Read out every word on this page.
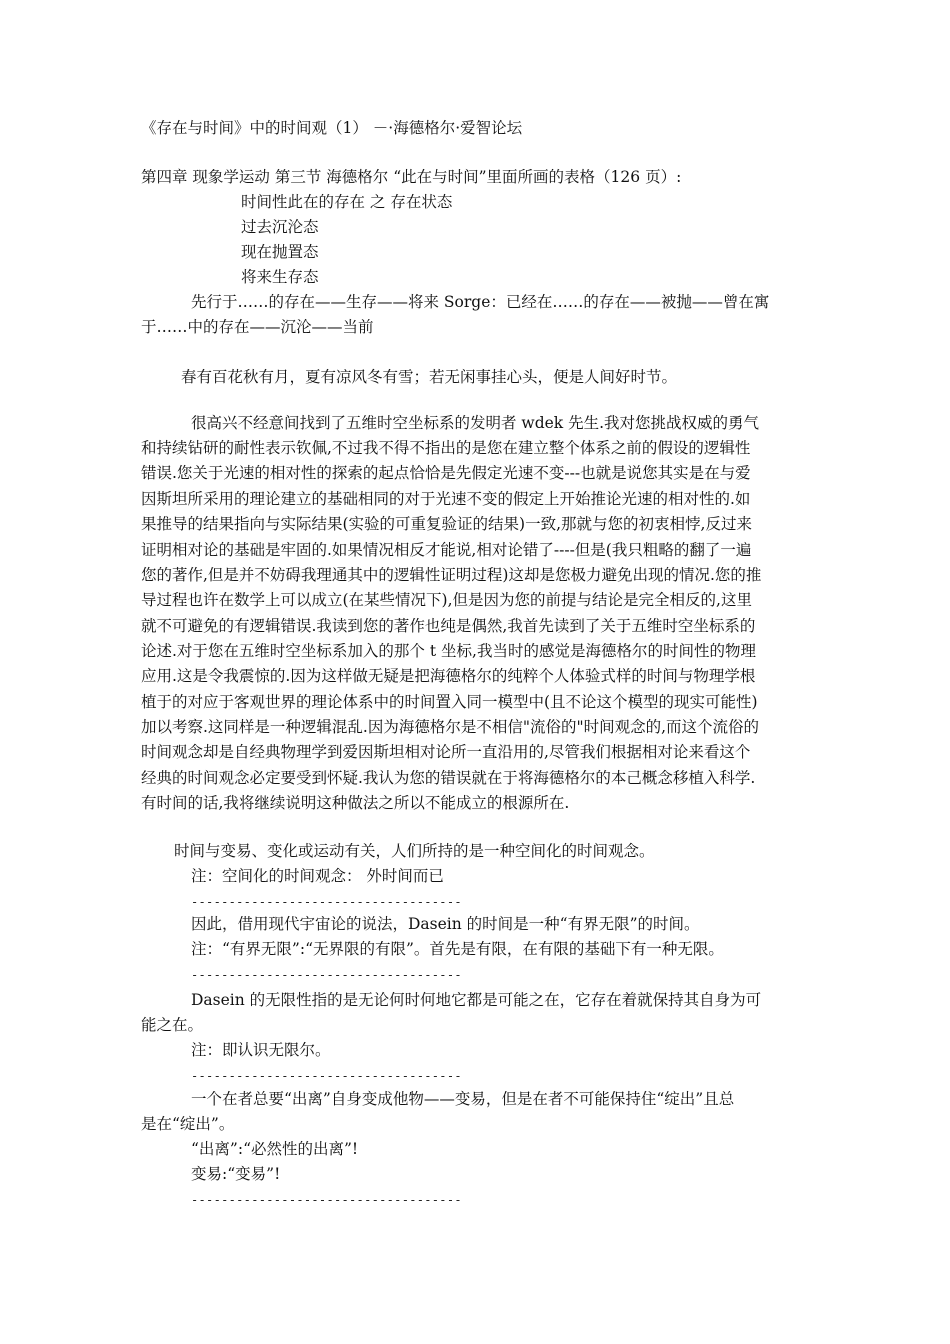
《存在与时间》中的时间观（1） －·海德格尔·爱智论坛
第四章 现象学运动 第三节 海德格尔 “此在与时间”里面所画的表格（126 页）:
时间性此在的存在 之 存在状态
过去沉沦态
现在抛置态
将来生存态
先行于……的存在——生存——将来 Sorge：已经在……的存在——被抛——曾在寓
于……中的存在——沉沦——当前
春有百花秋有月，夏有凉风冬有雪；若无闲事挂心头，便是人间好时节。
很高兴不经意间找到了五维时空坐标系的发明者 wdek 先生.我对您挑战权威的勇气
和持续钻研的耐性表示钦佩,不过我不得不指出的是您在建立整个体系之前的假设的逻辑性
错误.您关于光速的相对性的探索的起点恰恰是先假定光速不变---也就是说您其实是在与爱
因斯坦所采用的理论建立的基础相同的对于光速不变的假定上开始推论光速的相对性的.如
果推导的结果指向与实际结果(实验的可重复验证的结果)一致,那就与您的初衷相悖,反过来
证明相对论的基础是牢固的.如果情况相反才能说,相对论错了----但是(我只粗略的翻了一遍
您的著作,但是并不妨碍我理通其中的逻辑性证明过程)这却是您极力避免出现的情况.您的推
导过程也许在数学上可以成立(在某些情况下),但是因为您的前提与结论是完全相反的,这里
就不可避免的有逻辑错误.我读到您的著作也纯是偶然,我首先读到了关于五维时空坐标系的
论述.对于您在五维时空坐标系加入的那个 t 坐标,我当时的感觉是海德格尔的时间性的物理
应用.这是令我震惊的.因为这样做无疑是把海德格尔的纯粹个人体验式样的时间与物理学根
植于的对应于客观世界的理论体系中的时间置入同一模型中(且不论这个模型的现实可能性)
加以考察.这同样是一种逻辑混乱.因为海德格尔是不相信"流俗的"时间观念的,而这个流俗的
时间观念却是自经典物理学到爱因斯坦相对论所一直沿用的,尽管我们根据相对论来看这个
经典的时间观念必定要受到怀疑.我认为您的错误就在于将海德格尔的本己概念移植入科学.
有时间的话,我将继续说明这种做法之所以不能成立的根源所在.
时间与变易、变化或运动有关，人们所持的是一种空间化的时间观念。
注：空间化的时间观念： 外时间而已
------------------------------------
因此，借用现代宇宙论的说法，Dasein 的时间是一种“有界无限”的时间。
注：“有界无限”:“无界限的有限”。首先是有限，在有限的基础下有一种无限。
------------------------------------
Dasein 的无限性指的是无论何时何地它都是可能之在，它存在着就保持其自身为可
能之在。
注：即认识无限尔。
------------------------------------
一个在者总要“出离”自身变成他物——变易，但是在者不可能保持住“绽出”且总
是在“绽出”。
“出离”:“必然性的出离”!
变易:“变易”!
------------------------------------
